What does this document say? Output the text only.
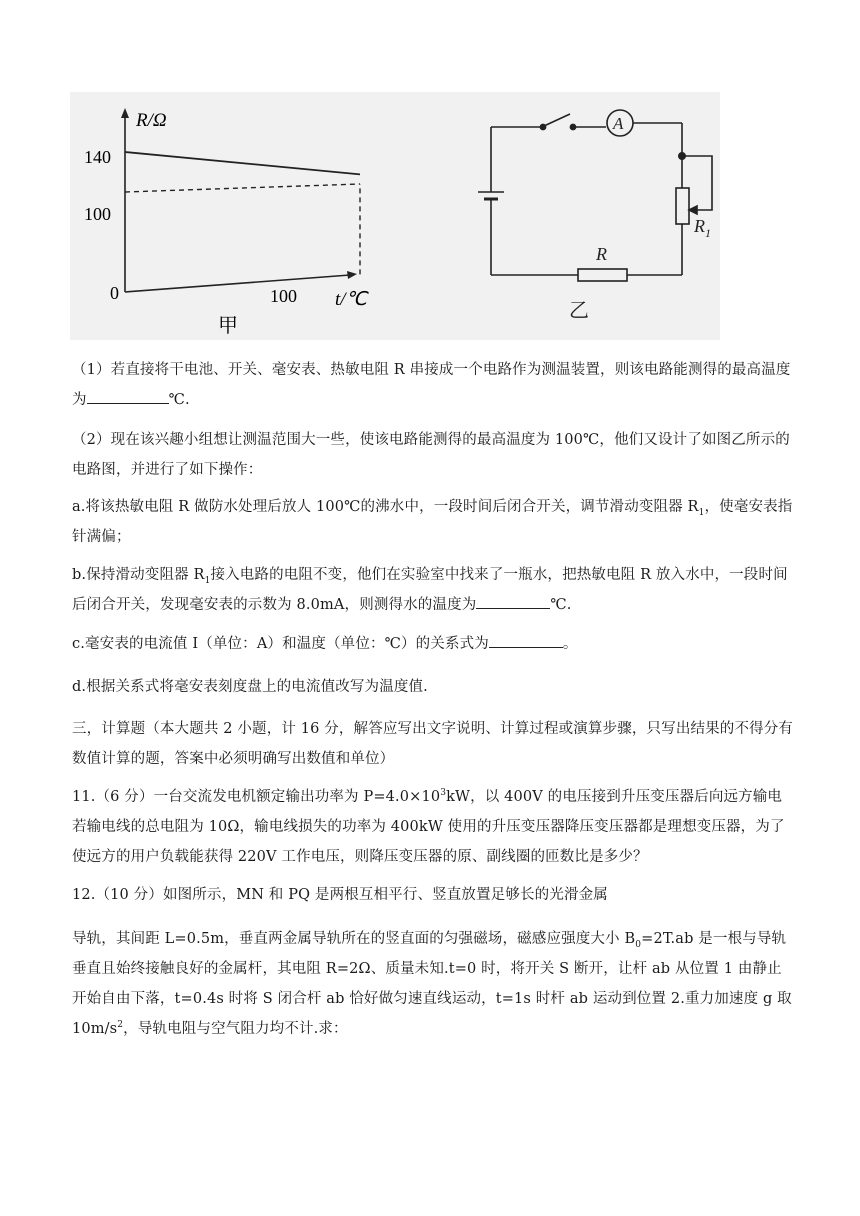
R/Ω
140
100
0	100 t/℃
甲
A
$R_1$
R
乙

（1）若直接将干电池、开关、毫安表、热敏电阻 R 串接成一个电路作为测温装置，则该电路能测得的最高温度为	℃.

（2）现在该兴趣小组想让测温范围大一些，使该电路能测得的最高温度为 100℃，他们又设计了如图乙所示的电路图，并进行了如下操作：

a.将该热敏电阻 R 做防水处理后放人 100℃的沸水中，一段时间后闭合开关，调节滑动变阻器 $R_1$，使毫安表指针满偏；

b.保持滑动变阻器 $R_1$接入电路的电阻不变，他们在实验室中找来了一瓶水，把热敏电阻 R 放入水中，一段时间后闭合开关，发现毫安表的示数为 8.0mA，则测得水的温度为	℃.

c.毫安表的电流值 I（单位：A）和温度（单位：℃）的关系式为	。

d.根据关系式将毫安表刻度盘上的电流值改写为温度值.

三，计算题（本大题共 2 小题，计 16 分，解答应写出文字说明、计算过程或演算步骤，只写出结果的不得分有数值计算的题，答案中必须明确写出数值和单位）

11.（6 分）一台交流发电机额定输出功率为 $P=4.0\times 10^3kW$，以 400V 的电压接到升压变压器后向远方输电若输电线的总电阻为 10Ω，输电线损失的功率为 400kW 使用的升压变压器降压变压器都是理想变压器，为了使远方的用户负载能获得 220V 工作电压，则降压变压器的原、副线圈的匝数比是多少？

12.（10 分）如图所示，MN 和 PQ 是两根互相平行、竖直放置足够长的光滑金属

导轨，其间距 L=0.5m，垂直两金属导轨所在的竖直面的匀强磁场，磁感应强度大小 $B_0=2T.ab$ 是一根与导轨垂直且始终接触良好的金属杆，其电阻 R=2Ω、质量未知.t=0 时，将开关 S 断开，让杆 ab 从位置 1 由静止开始自由下落，t=0.4s 时将 S 闭合杆 ab 恰好做匀速直线运动，t=1s 时杆 ab 运动到位置 2.重力加速度 g 取 $10m/s^2$，导轨电阻与空气阻力均不计.求：
